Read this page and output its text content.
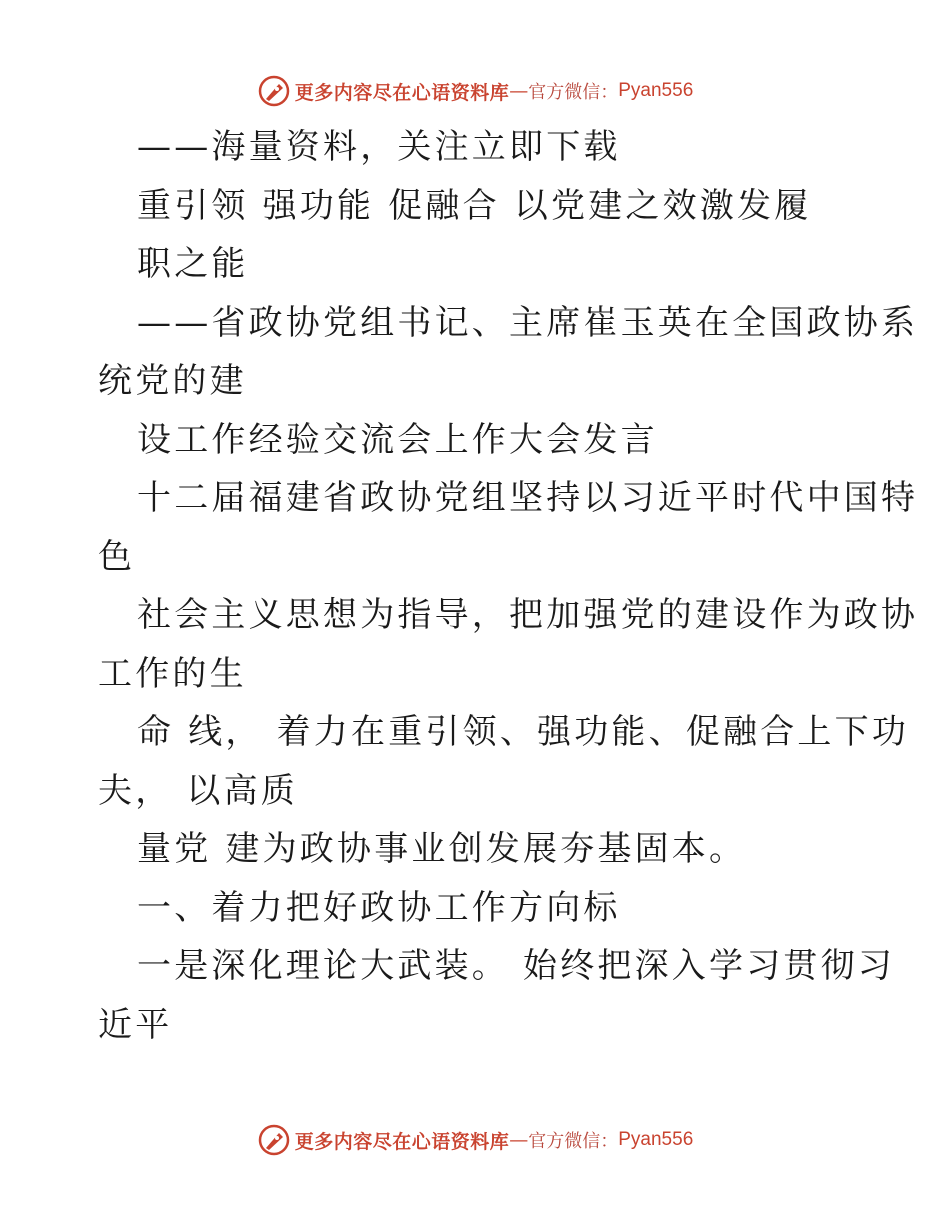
更多内容尽在心语资料库 — 官方微信： Pyan556
——海量资料，关注立即下载
重引领 强功能 促融合 以党建之效激发履
职之能
——省政协党组书记、主席崔玉英在全国政协系
统党的建
设工作经验交流会上作大会发言
十二届福建省政协党组坚持以习近平时代中国特
色
社会主义思想为指导，把加强党的建设作为政协
工作的生
命 线， 着力在重引领、强功能、促融合上下功
夫， 以高质
量党 建为政协事业创发展夯基固本。
一、着力把好政协工作方向标
一是深化理论大武装。 始终把深入学习贯彻习
近平
更多内容尽在心语资料库 — 官方微信： Pyan556
